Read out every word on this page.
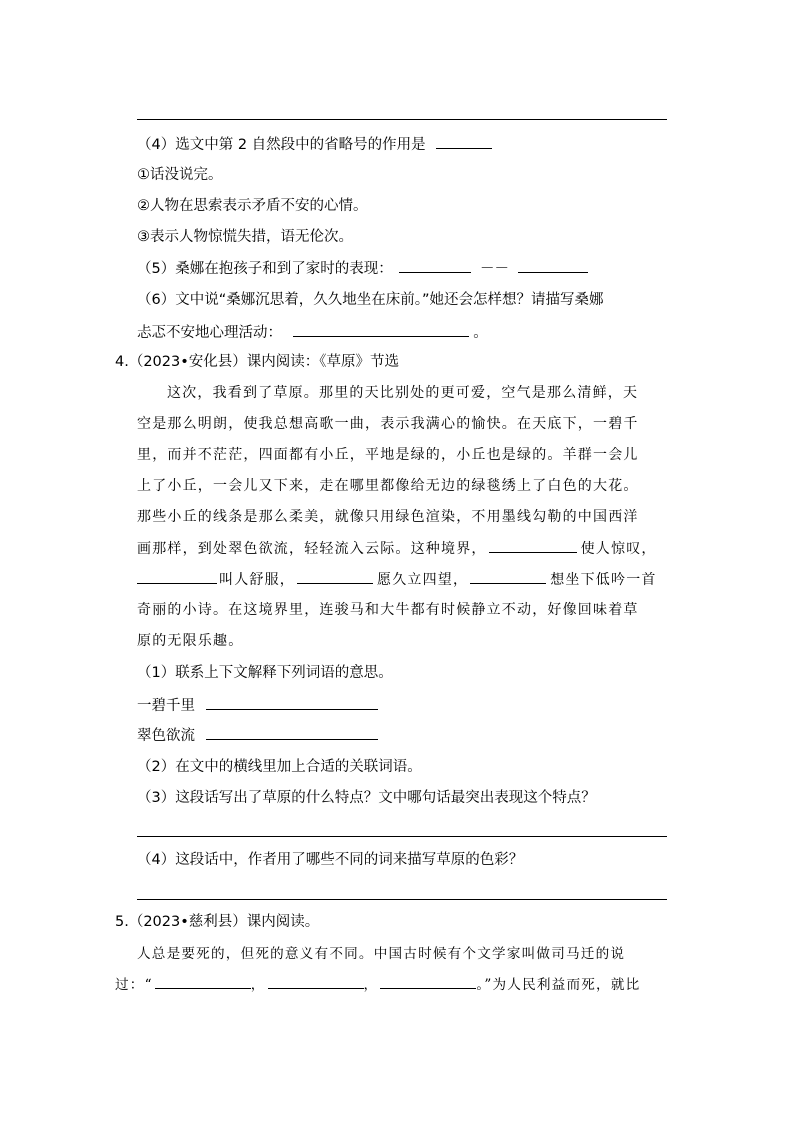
（4）选文中第 2 自然段中的省略号的作用是
①话没说完。
②人物在思索表示矛盾不安的心情。
③表示人物惊慌失措，语无伦次。
（5）桑娜在抱孩子和到了家时的表现：	－－
（6）文中说“桑娜沉思着，久久地坐在床前。”她还会怎样想？请描写桑娜
忐忑不安地心理活动：	。
4.（2023•安化县）课内阅读：《草原》节选
这次，我看到了草原。那里的天比别处的更可爱，空气是那么清鲜，天
空是那么明朗，使我总想高歌一曲，表示我满心的愉快。在天底下，一碧千
里，而并不茫茫，四面都有小丘，平地是绿的，小丘也是绿的。羊群一会儿
上了小丘，一会儿又下来，走在哪里都像给无边的绿毯绣上了白色的大花。
那些小丘的线条是那么柔美，就像只用绿色渲染，不用墨线勾勒的中国西洋
画那样，到处翠色欲流，轻轻流入云际。这种境界，	使人惊叹，
叫人舒服，	愿久立四望，	想坐下低吟一首
奇丽的小诗。在这境界里，连骏马和大牛都有时候静立不动，好像回味着草
原的无限乐趣。
（1）联系上下文解释下列词语的意思。
一碧千里
翠色欲流
（2）在文中的横线里加上合适的关联词语。
（3）这段话写出了草原的什么特点？文中哪句话最突出表现这个特点？
（4）这段话中，作者用了哪些不同的词来描写草原的色彩？
5.（2023•慈利县）课内阅读。
人总是要死的，但死的意义有不同。中国古时候有个文学家叫做司马迁的说
过：“	，	，	。”为人民利益而死，就比
